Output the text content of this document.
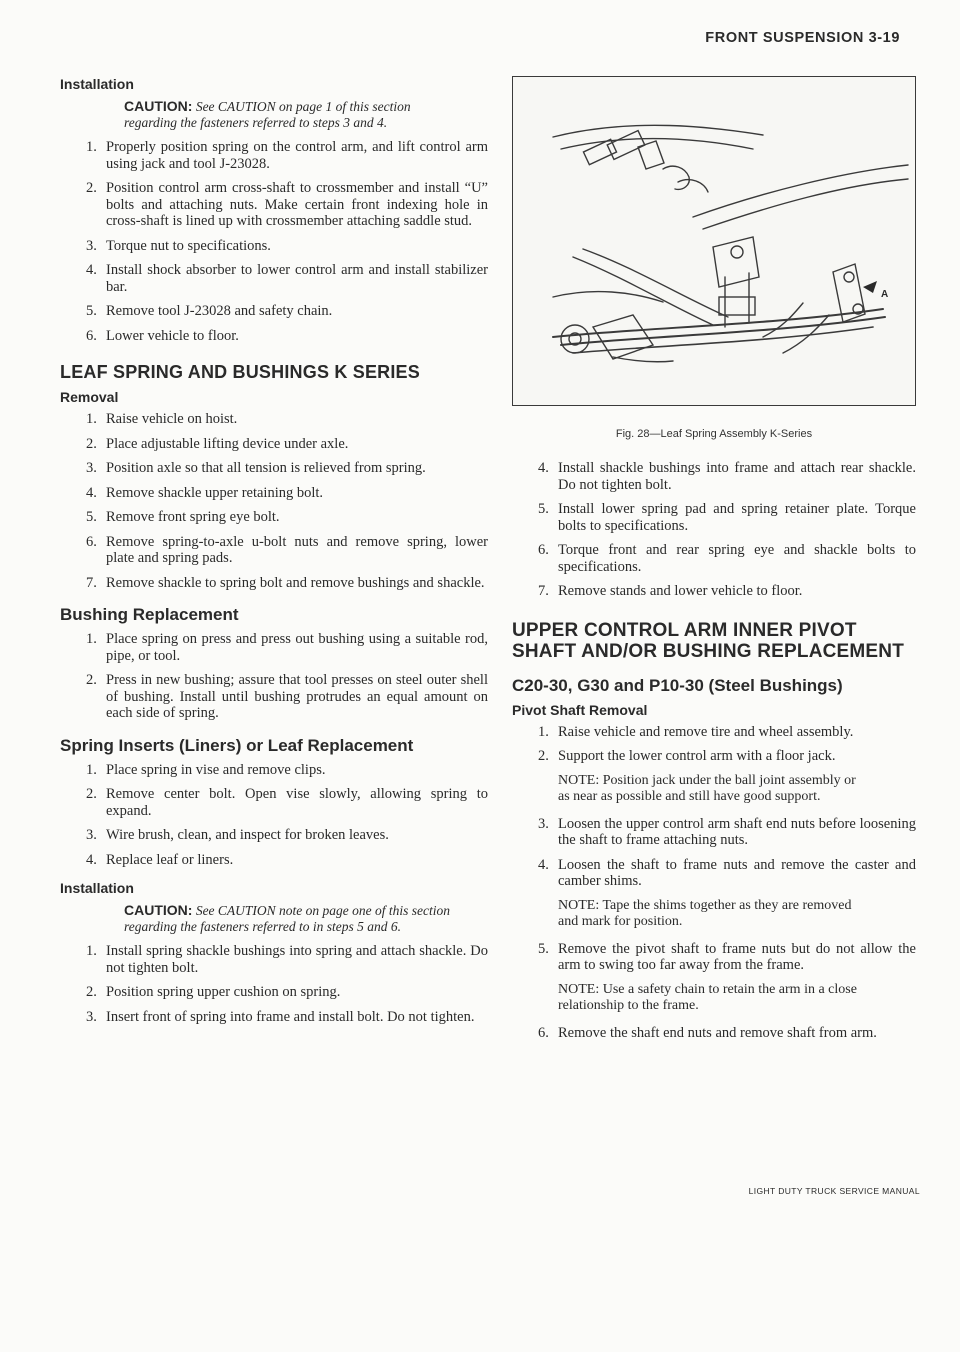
FRONT SUSPENSION 3-19
Installation
CAUTION: See CAUTION on page 1 of this section regarding the fasteners referred to steps 3 and 4.
1. Properly position spring on the control arm, and lift control arm using jack and tool J-23028.
2. Position control arm cross-shaft to crossmember and install “U” bolts and attaching nuts. Make certain front indexing hole in cross-shaft is lined up with crossmember attaching saddle stud.
3. Torque nut to specifications.
4. Install shock absorber to lower control arm and install stabilizer bar.
5. Remove tool J-23028 and safety chain.
6. Lower vehicle to floor.
LEAF SPRING AND BUSHINGS K SERIES
Removal
1. Raise vehicle on hoist.
2. Place adjustable lifting device under axle.
3. Position axle so that all tension is relieved from spring.
4. Remove shackle upper retaining bolt.
5. Remove front spring eye bolt.
6. Remove spring-to-axle u-bolt nuts and remove spring, lower plate and spring pads.
7. Remove shackle to spring bolt and remove bushings and shackle.
Bushing Replacement
1. Place spring on press and press out bushing using a suitable rod, pipe, or tool.
2. Press in new bushing; assure that tool presses on steel outer shell of bushing. Install until bushing protrudes an equal amount on each side of spring.
Spring Inserts (Liners) or Leaf Replacement
1. Place spring in vise and remove clips.
2. Remove center bolt. Open vise slowly, allowing spring to expand.
3. Wire brush, clean, and inspect for broken leaves.
4. Replace leaf or liners.
Installation
CAUTION: See CAUTION note on page one of this section regarding the fasteners referred to in steps 5 and 6.
1. Install spring shackle bushings into spring and attach shackle. Do not tighten bolt.
2. Position spring upper cushion on spring.
3. Insert front of spring into frame and install bolt. Do not tighten.
A
Fig. 28—Leaf Spring Assembly K-Series
4. Install shackle bushings into frame and attach rear shackle. Do not tighten bolt.
5. Install lower spring pad and spring retainer plate. Torque bolts to specifications.
6. Torque front and rear spring eye and shackle bolts to specifications.
7. Remove stands and lower vehicle to floor.
UPPER CONTROL ARM INNER PIVOT SHAFT AND/OR BUSHING REPLACEMENT
C20-30, G30 and P10-30 (Steel Bushings)
Pivot Shaft Removal
1. Raise vehicle and remove tire and wheel assembly.
2. Support the lower control arm with a floor jack.
NOTE: Position jack under the ball joint assembly or as near as possible and still have good support.
3. Loosen the upper control arm shaft end nuts before loosening the shaft to frame attaching nuts.
4. Loosen the shaft to frame nuts and remove the caster and camber shims.
NOTE: Tape the shims together as they are removed and mark for position.
5. Remove the pivot shaft to frame nuts but do not allow the arm to swing too far away from the frame.
NOTE: Use a safety chain to retain the arm in a close relationship to the frame.
6. Remove the shaft end nuts and remove shaft from arm.
LIGHT DUTY TRUCK SERVICE MANUAL
